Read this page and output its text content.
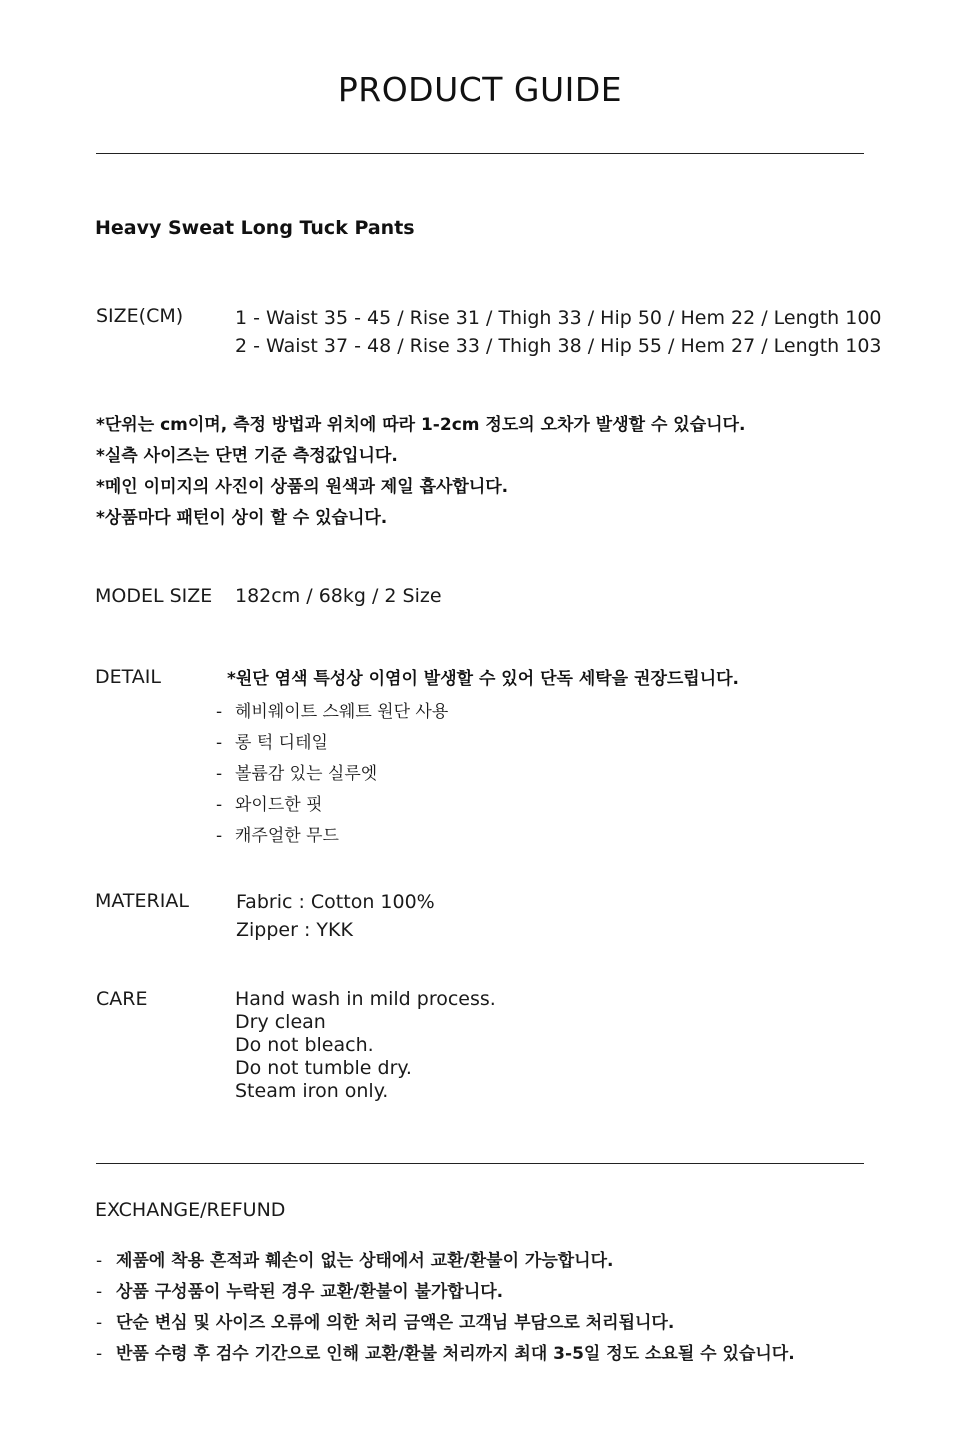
PRODUCT GUIDE
Heavy Sweat Long Tuck Pants
SIZE(CM)	1 - Waist 35 - 45 / Rise 31 / Thigh 33 / Hip 50 / Hem 22 / Length 100
2 - Waist 37 - 48 / Rise 33 / Thigh 38 / Hip 55 / Hem 27 / Length 103
*단위는 cm이며, 측정 방법과 위치에 따라 1-2cm 정도의 오차가 발생할 수 있습니다.
*실측 사이즈는 단면 기준 측정값입니다.
*메인 이미지의 사진이 상품의 원색과 제일 흡사합니다.
*상품마다 패턴이 상이 할 수 있습니다.
MODEL SIZE 182cm / 68kg / 2 Size
DETAIL	*원단 염색 특성상 이염이 발생할 수 있어 단독 세탁을 권장드립니다.
- 헤비웨이트 스웨트 원단 사용
- 롱 턱 디테일
- 볼륨감 있는 실루엣
- 와이드한 핏
- 캐주얼한 무드
MATERIAL Fabric : Cotton 100%
Zipper : YKK
CARE	Hand wash in mild process.
Dry clean
Do not bleach.
Do not tumble dry.
Steam iron only.
EXCHANGE/REFUND
- 제품에 착용 흔적과 훼손이 없는 상태에서 교환/환불이 가능합니다.
- 상품 구성품이 누락된 경우 교환/환불이 불가합니다.
- 단순 변심 및 사이즈 오류에 의한 처리 금액은 고객님 부담으로 처리됩니다.
- 반품 수령 후 검수 기간으로 인해 교환/환불 처리까지 최대 3-5일 정도 소요될 수 있습니다.
